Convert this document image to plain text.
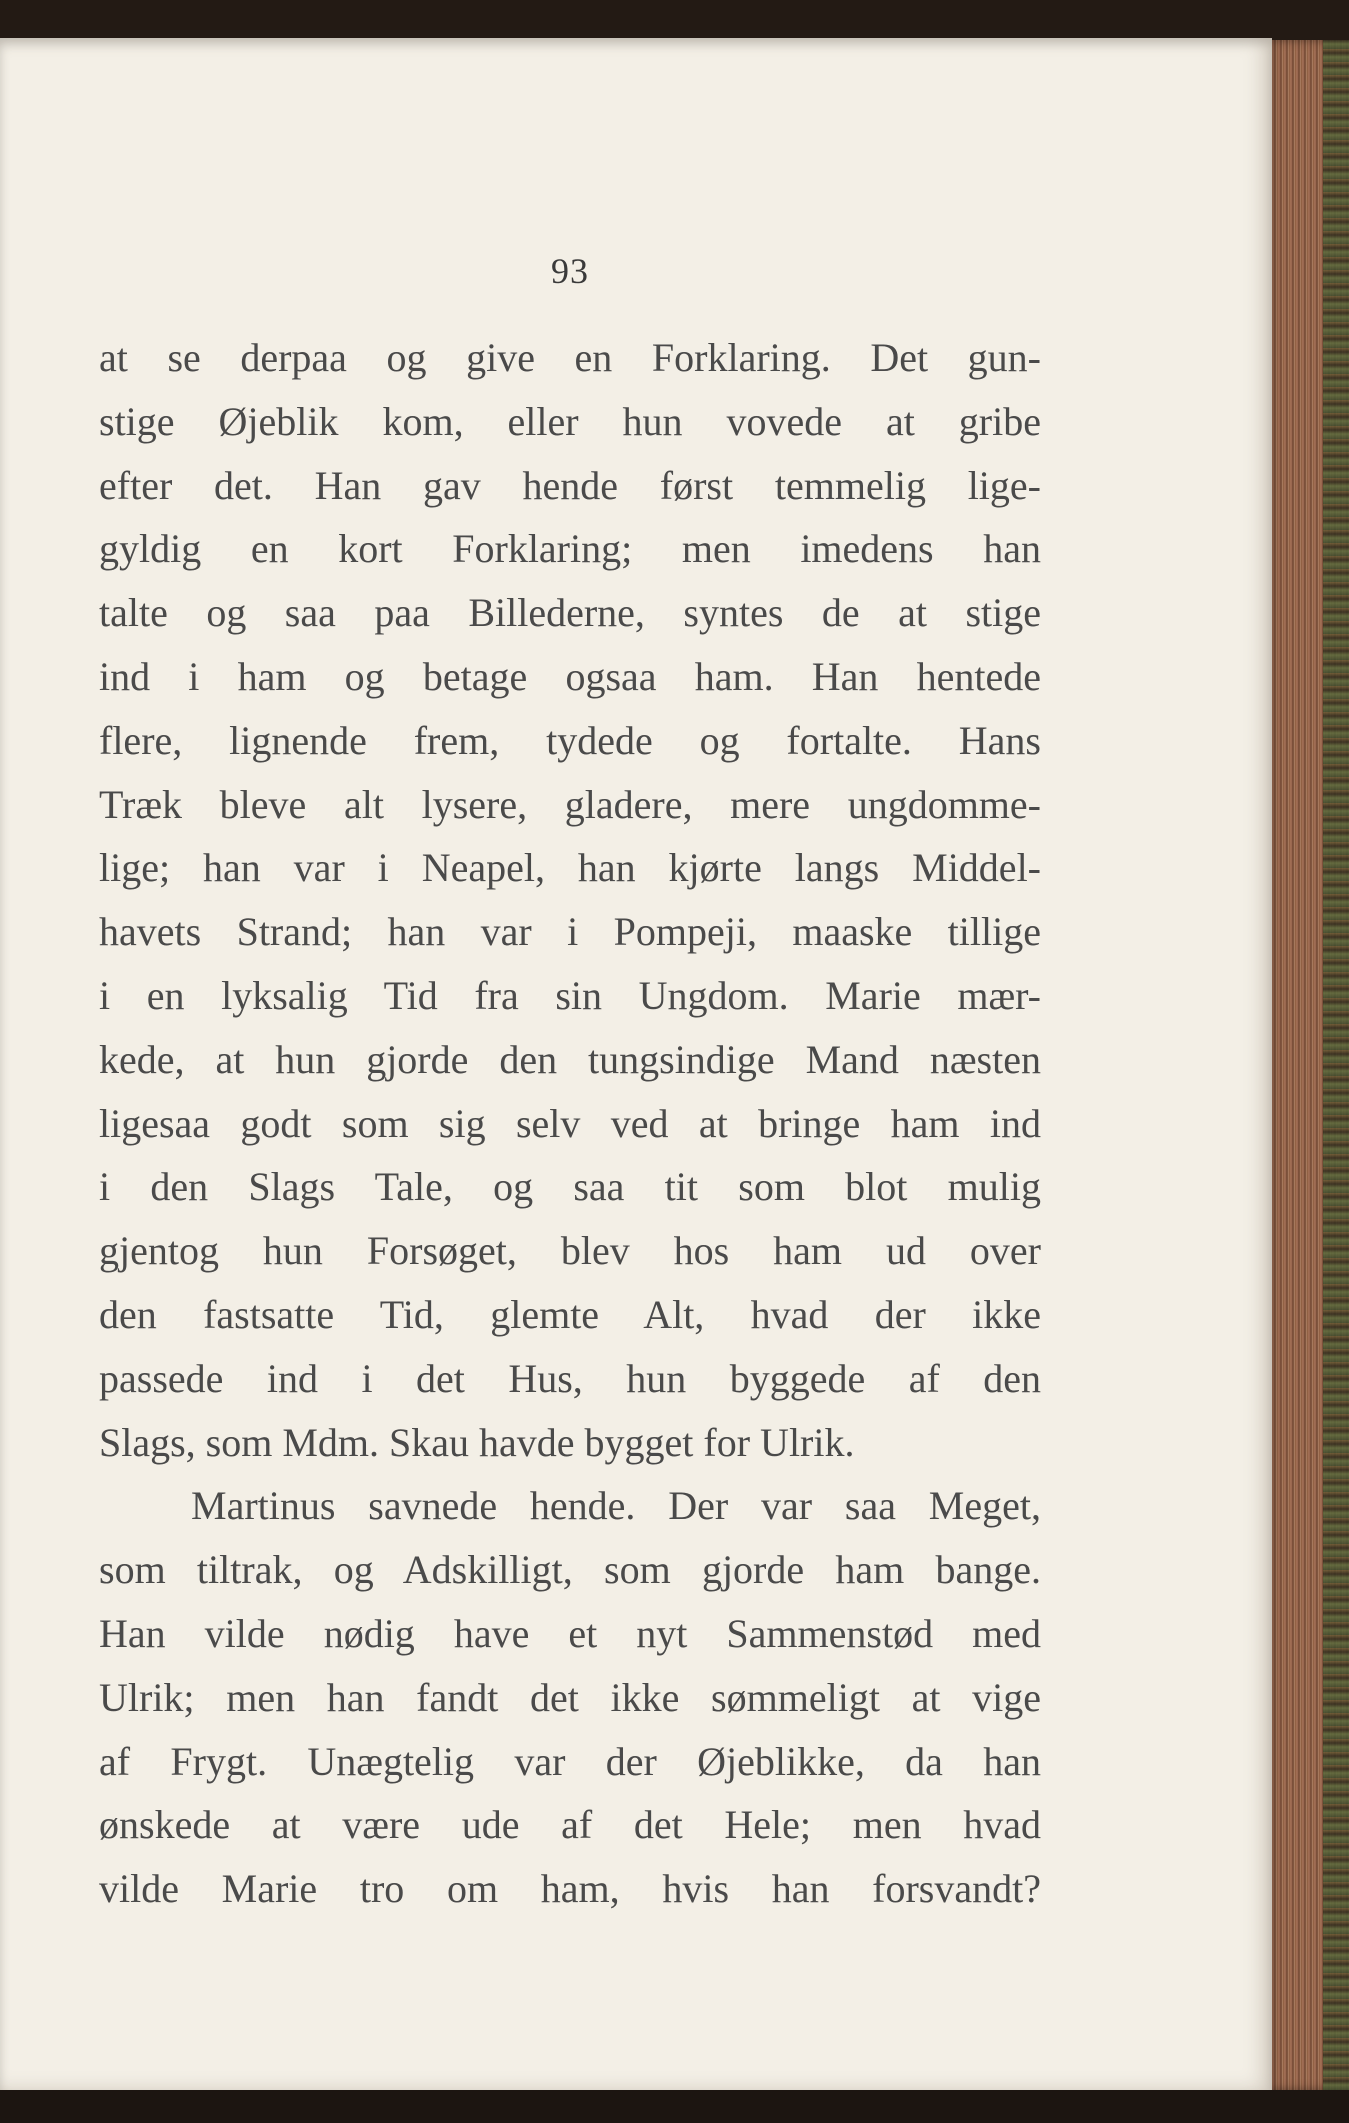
93
at se derpaa og give en Forklaring. Det gun-
stige Øjeblik kom, eller hun vovede at gribe
efter det. Han gav hende først temmelig lige-
gyldig en kort Forklaring; men imedens han
talte og saa paa Billederne, syntes de at stige
ind i ham og betage ogsaa ham. Han hentede
flere, lignende frem, tydede og fortalte. Hans
Træk bleve alt lysere, gladere, mere ungdomme-
lige; han var i Neapel, han kjørte langs Middel-
havets Strand; han var i Pompeji, maaske tillige
i en lyksalig Tid fra sin Ungdom. Marie mær-
kede, at hun gjorde den tungsindige Mand næsten
ligesaa godt som sig selv ved at bringe ham ind
i den Slags Tale, og saa tit som blot mulig
gjentog hun Forsøget, blev hos ham ud over
den fastsatte Tid, glemte Alt, hvad der ikke
passede ind i det Hus, hun byggede af den
Slags, som Mdm. Skau havde bygget for Ulrik.
Martinus savnede hende. Der var saa Meget,
som tiltrak, og Adskilligt, som gjorde ham bange.
Han vilde nødig have et nyt Sammenstød med
Ulrik; men han fandt det ikke sømmeligt at vige
af Frygt. Unægtelig var der Øjeblikke, da han
ønskede at være ude af det Hele; men hvad
vilde Marie tro om ham, hvis han forsvandt?
